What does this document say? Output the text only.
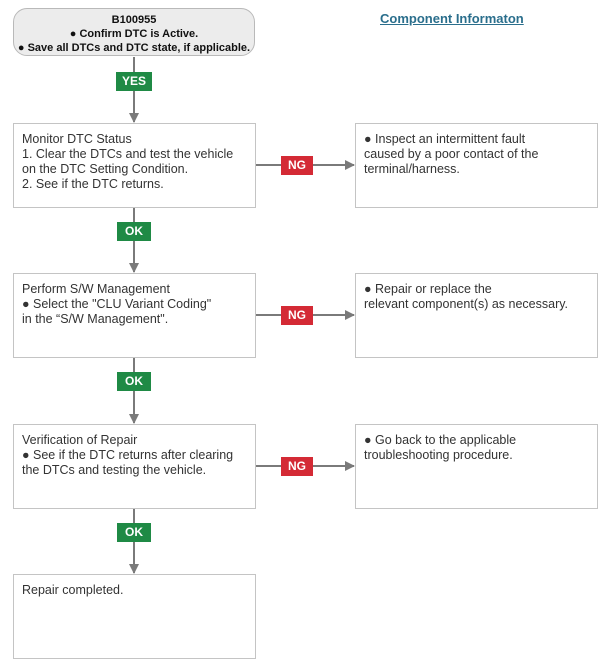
B100955
● Confirm DTC is Active.
● Save all DTCs and DTC state, if applicable.
Component Informaton
YES
Monitor DTC Status
1. Clear the DTCs and test the vehicle
on the DTC Setting Condition.
2. See if the DTC returns.
NG
● Inspect an intermittent fault
caused by a poor contact of the
terminal/harness.
OK
Perform S/W Management
● Select the "CLU Variant Coding"
in the “S/W Management".	NG
● Repair or replace the
relevant component(s) as necessary.
OK
Verification of Repair
● See if the DTC returns after clearing
the DTCs and testing the vehicle.	NG
● Go back to the applicable
troubleshooting procedure.
OK
Repair completed.
